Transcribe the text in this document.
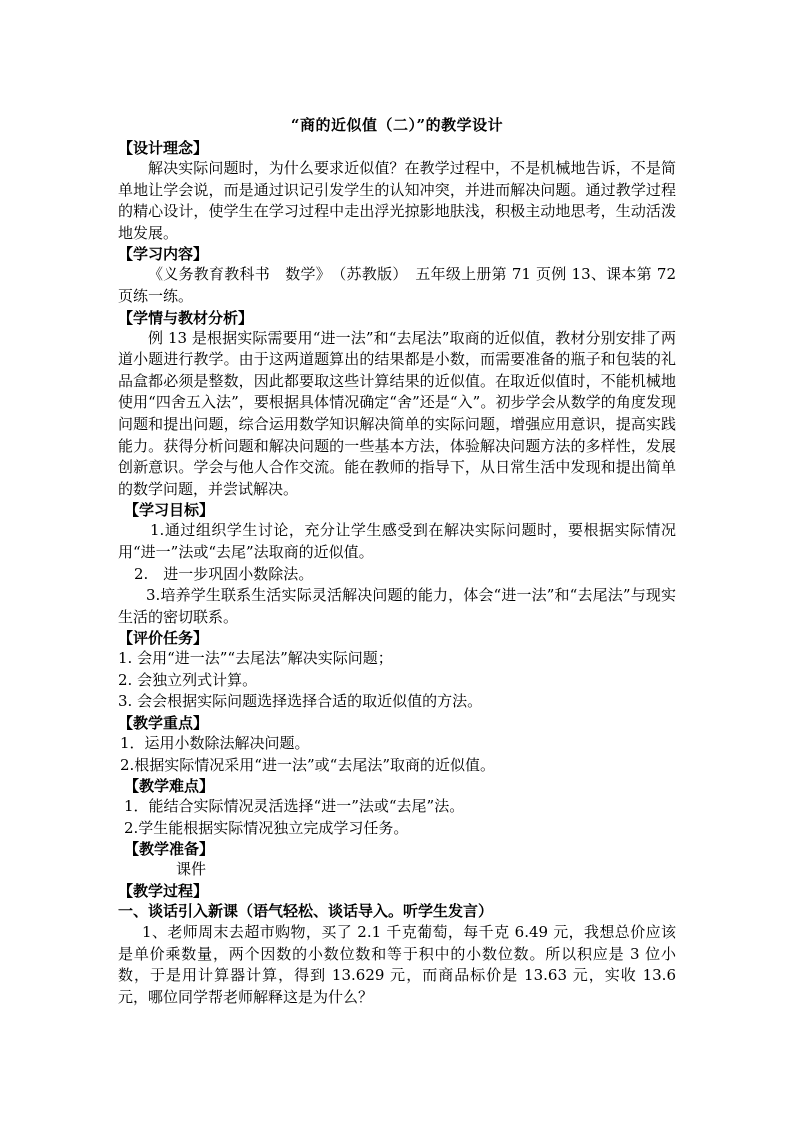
“商的近似值（二）”的教学设计

【设计理念】

解决实际问题时，为什么要求近似值？在教学过程中，不是机械地告诉，不是简单地让学会说，而是通过识记引发学生的认知冲突，并进而解决问题。通过教学过程的精心设计，使学生在学习过程中走出浮光掠影地肤浅，积极主动地思考，生动活泼地发展。

【学习内容】

《义务教育教科书　数学》　（苏教版）　五年级上册第 71 页例 13、课本第 72 页练一练。

【学情与教材分析】

例 13 是根据实际需要用“进一法”和“去尾法”取商的近似值，教材分别安排了两道小题进行教学。由于这两道题算出的结果都是小数，而需要准备的瓶子和包装的礼品盒都必须是整数，因此都要取这些计算结果的近似值。在取近似值时，不能机械地使用“四舍五入法”，要根据具体情况确定“舍”还是“入”。初步学会从数学的角度发现问题和提出问题，综合运用数学知识解决简单的实际问题，增强应用意识，提高实践能力。获得分析问题和解决问题的一些基本方法，体验解决问题方法的多样性，发展创新意识。学会与他人合作交流。能在教师的指导下，从日常生活中发现和提出简单的数学问题，并尝试解决。

【学习目标】

1.通过组织学生讨论，充分让学生感受到在解决实际问题时，要根据实际情况用“进一”法或“去尾”法取商的近似值。

2.　进一步巩固小数除法。

3.培养学生联系生活实际灵活解决问题的能力，体会“进一法”和“去尾法”与现实生活的密切联系。

【评价任务】

1. 会用“进一法”“去尾法”解决实际问题；

2. 会独立列式计算。

3. 会会根据实际问题选择选择合适的取近似值的方法。

【教学重点】

1．运用小数除法解决问题。

2.根据实际情况采用“进一法”或“去尾法”取商的近似值。

【教学难点】

1．能结合实际情况灵活选择“进一”法或“去尾”法。

2.学生能根据实际情况独立完成学习任务。

【教学准备】

课件

【教学过程】

一、谈话引入新课（语气轻松、谈话导入。听学生发言）

1、老师周末去超市购物，买了 2.1 千克葡萄，每千克 6.49 元，我想总价应该是单价乘数量，两个因数的小数位数和等于积中的小数位数。所以积应是 3 位小数，于是用计算器计算，得到 13.629 元，而商品标价是 13.63 元，实收 13.6 元，哪位同学帮老师解释这是为什么？
